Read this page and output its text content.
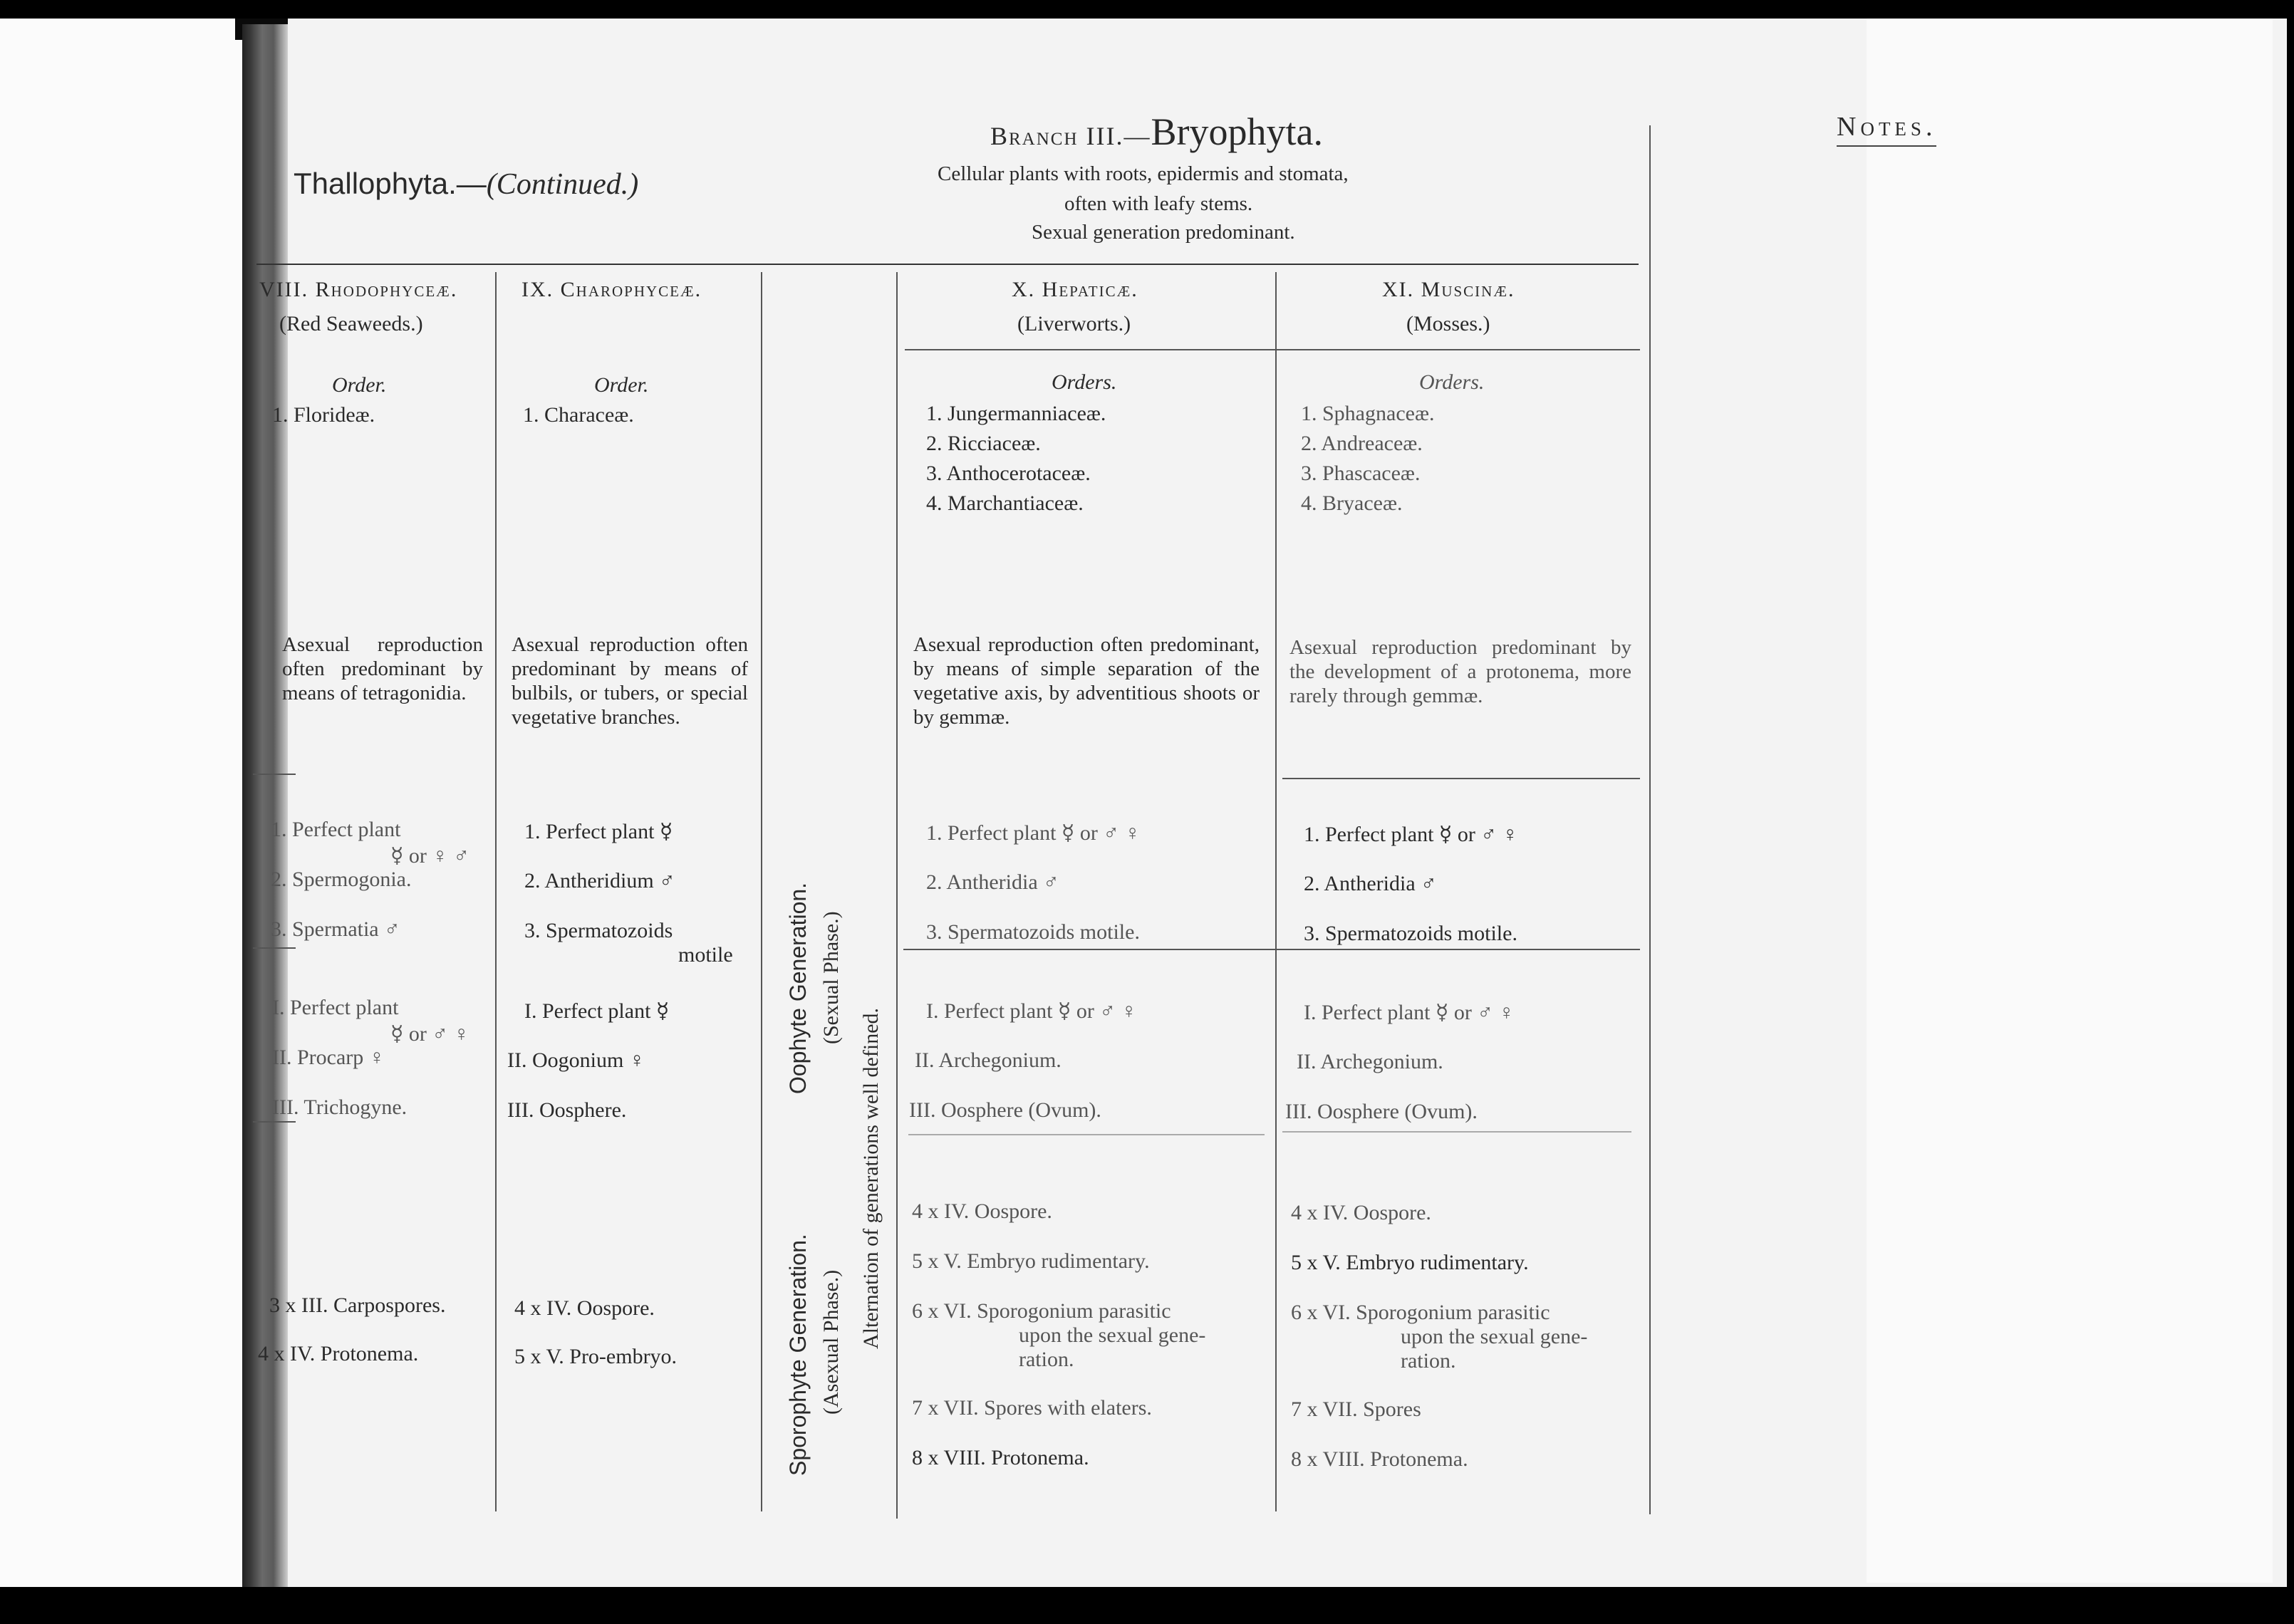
Branch III.—Bryophyta.
Cellular plants with roots, epidermis and stomata,
often with leafy stems.
Sexual generation predominant.
Notes.
Thallophyta.—(Continued.)
VIII. Rhodophyceæ.
(Red Seaweeds.)
IX. Charophyceæ.	X. Hepaticæ.
(Liverworts.)
XI. Muscinæ.
(Mosses.)
Order.
1. Florideæ.
Order.
1. Characeæ.
Orders.
1. Jungermanniaceæ.
2. Ricciaceæ.
3. Anthocerotaceæ.
4. Marchantiaceæ.
Orders.
1. Sphagnaceæ.
2. Andreaceæ.
3. Phascaceæ.
4. Bryaceæ.
Asexual reproduction often predominant by means of tetragonidia.
Asexual reproduction often predominant by means of bulbils, or tubers, or special vegetative branches.
Asexual reproduction often predominant, by means of simple separation of the vegetative axis, by adventitious shoots or by gemmæ.
Asexual reproduction predominant by the development of a protonema, more rarely through gemmæ.
1. Perfect plant
☿ or ♀ ♂
2. Spermogonia.
3. Spermatia ♂
1. Perfect plant ☿
2. Antheridium ♂
3. Spermatozoids
motile
1. Perfect plant ☿ or ♂ ♀
2. Antheridia ♂
3. Spermatozoids motile.
1. Perfect plant ☿ or ♂ ♀
2. Antheridia ♂
3. Spermatozoids motile.
I. Perfect plant
☿ or ♂ ♀
II. Procarp ♀
III. Trichogyne.
I. Perfect plant ☿
II. Oogonium ♀
III. Oosphere.
I. Perfect plant ☿ or ♂ ♀
II. Archegonium.
III. Oosphere (Ovum).
I. Perfect plant ☿ or ♂ ♀
II. Archegonium.
III. Oosphere (Ovum).
3 x III. Carpospores.
4 x IV. Protonema.
4 x IV. Oospore.
5 x V. Pro-embryo.
4 x IV. Oospore.
5 x V. Embryo rudimentary.
6 x VI. Sporogonium parasitic
upon the sexual gene-
ration.
7 x VII. Spores with elaters.
8 x VIII. Protonema.
4 x IV. Oospore.
5 x V. Embryo rudimentary.
6 x VI. Sporogonium parasitic
upon the sexual gene-
ration.
7 x VII. Spores
8 x VIII. Protonema.
Oophyte Generation. (Sexual Phase.)
Sporophyte Generation. (Asexual Phase.) Alternation of generations well defined.
